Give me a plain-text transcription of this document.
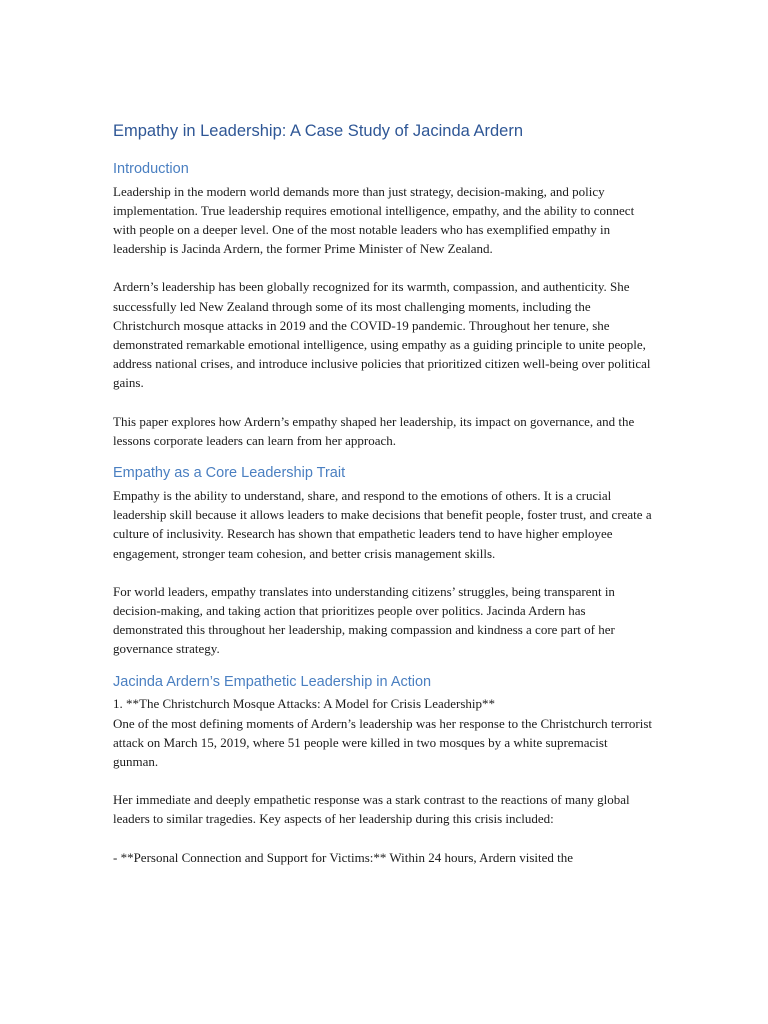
Empathy in Leadership: A Case Study of Jacinda Ardern
Introduction

Leadership in the modern world demands more than just strategy, decision-making, and policy implementation. True leadership requires emotional intelligence, empathy, and the ability to connect with people on a deeper level. One of the most notable leaders who has exemplified empathy in leadership is Jacinda Ardern, the former Prime Minister of New Zealand.

Ardern’s leadership has been globally recognized for its warmth, compassion, and authenticity. She successfully led New Zealand through some of its most challenging moments, including the Christchurch mosque attacks in 2019 and the COVID-19 pandemic. Throughout her tenure, she demonstrated remarkable emotional intelligence, using empathy as a guiding principle to unite people, address national crises, and introduce inclusive policies that prioritized citizen well-being over political gains.

This paper explores how Ardern’s empathy shaped her leadership, its impact on governance, and the lessons corporate leaders can learn from her approach.

Empathy as a Core Leadership Trait

Empathy is the ability to understand, share, and respond to the emotions of others. It is a crucial leadership skill because it allows leaders to make decisions that benefit people, foster trust, and create a culture of inclusivity. Research has shown that empathetic leaders tend to have higher employee engagement, stronger team cohesion, and better crisis management skills.

For world leaders, empathy translates into understanding citizens’ struggles, being transparent in decision-making, and taking action that prioritizes people over politics. Jacinda Ardern has demonstrated this throughout her leadership, making compassion and kindness a core part of her governance strategy.

Jacinda Ardern’s Empathetic Leadership in Action

1. **The Christchurch Mosque Attacks: A Model for Crisis Leadership**

One of the most defining moments of Ardern’s leadership was her response to the Christchurch terrorist attack on March 15, 2019, where 51 people were killed in two mosques by a white supremacist gunman.

Her immediate and deeply empathetic response was a stark contrast to the reactions of many global leaders to similar tragedies. Key aspects of her leadership during this crisis included:

- **Personal Connection and Support for Victims:** Within 24 hours, Ardern visited the
